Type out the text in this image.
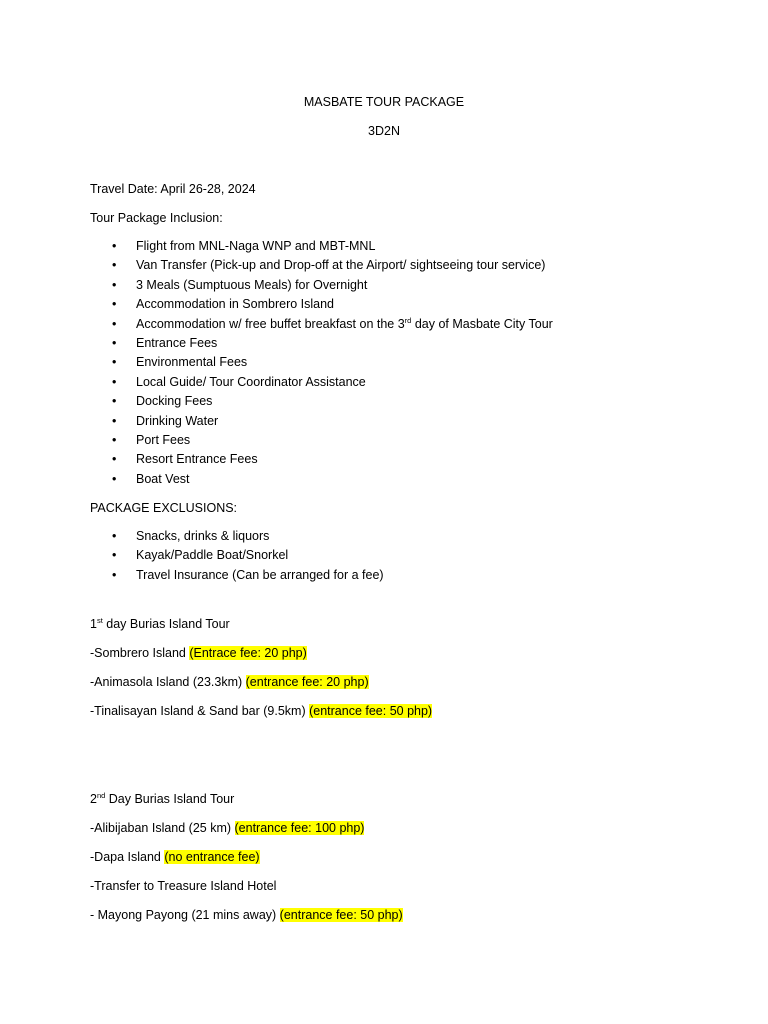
MASBATE TOUR PACKAGE
3D2N
Travel Date: April 26-28, 2024
Tour Package Inclusion:
• Flight from MNL-Naga WNP and MBT-MNL
• Van Transfer (Pick-up and Drop-off at the Airport/ sightseeing tour service)
• 3 Meals (Sumptuous Meals) for Overnight
• Accommodation in Sombrero Island
• Accommodation w/ free buffet breakfast on the 3rd day of Masbate City Tour
• Entrance Fees
• Environmental Fees
• Local Guide/ Tour Coordinator Assistance
• Docking Fees
• Drinking Water
• Port Fees
• Resort Entrance Fees
• Boat Vest
PACKAGE EXCLUSIONS:
• Snacks, drinks & liquors
• Kayak/Paddle Boat/Snorkel
• Travel Insurance (Can be arranged for a fee)
1st day Burias Island Tour
-Sombrero Island (Entrace fee: 20 php)
-Animasola Island (23.3km) (entrance fee: 20 php)
-Tinalisayan Island & Sand bar (9.5km) (entrance fee: 50 php)
2nd Day Burias Island Tour
-Alibijaban Island (25 km) (entrance fee: 100 php)
-Dapa Island (no entrance fee)
-Transfer to Treasure Island Hotel
- Mayong Payong (21 mins away) (entrance fee: 50 php)
